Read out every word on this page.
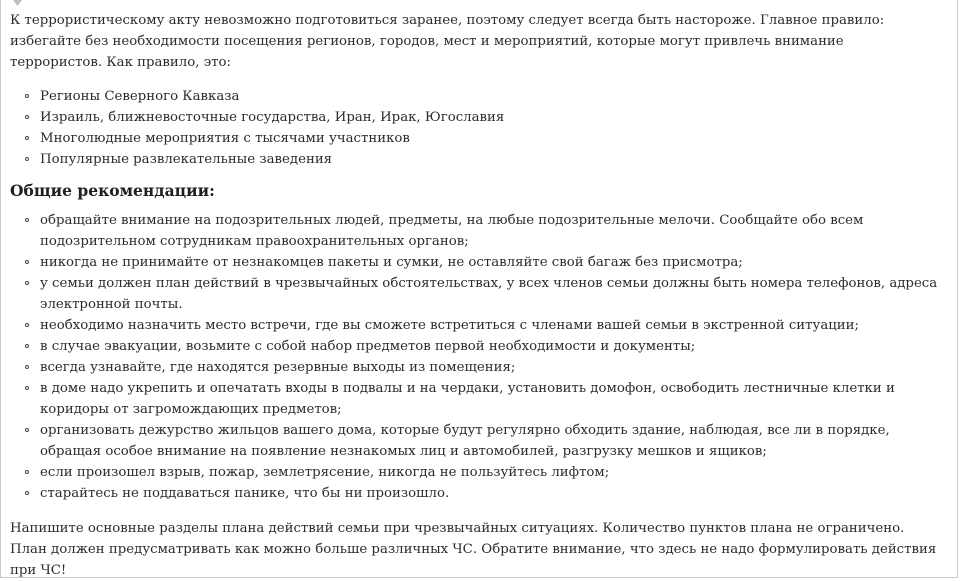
К террористическому акту невозможно подготовиться заранее, поэтому следует всегда быть настороже. Главное правило: избегайте без необходимости посещения регионов, городов, мест и мероприятий, которые могут привлечь внимание террористов. Как правило, это:

Регионы Северного Кавказа
Израиль, ближневосточные государства, Иран, Ирак, Югославия
Многолюдные мероприятия с тысячами участников
Популярные развлекательные заведения
Общие рекомендации:
обращайте внимание на подозрительных людей, предметы, на любые подозрительные мелочи. Сообщайте обо всем подозрительном сотрудникам правоохранительных органов;
никогда не принимайте от незнакомцев пакеты и сумки, не оставляйте свой багаж без присмотра;
у семьи должен план действий в чрезвычайных обстоятельствах, у всех членов семьи должны быть номера телефонов, адреса электронной почты.
необходимо назначить место встречи, где вы сможете встретиться с членами вашей семьи в экстренной ситуации;
в случае эвакуации, возьмите с собой набор предметов первой необходимости и документы;
всегда узнавайте, где находятся резервные выходы из помещения;
в доме надо укрепить и опечатать входы в подвалы и на чердаки, установить домофон, освободить лестничные клетки и коридоры от загромождающих предметов;
организовать дежурство жильцов вашего дома, которые будут регулярно обходить здание, наблюдая, все ли в порядке, обращая особое внимание на появление незнакомых лиц и автомобилей, разгрузку мешков и ящиков;
если произошел взрыв, пожар, землетрясение, никогда не пользуйтесь лифтом;
старайтесь не поддаваться панике, что бы ни произошло.

Напишите основные разделы плана действий семьи при чрезвычайных ситуациях. Количество пунктов плана не ограничено. План должен предусматривать как можно больше различных ЧС. Обратите внимание, что здесь не надо формулировать действия при ЧС!
